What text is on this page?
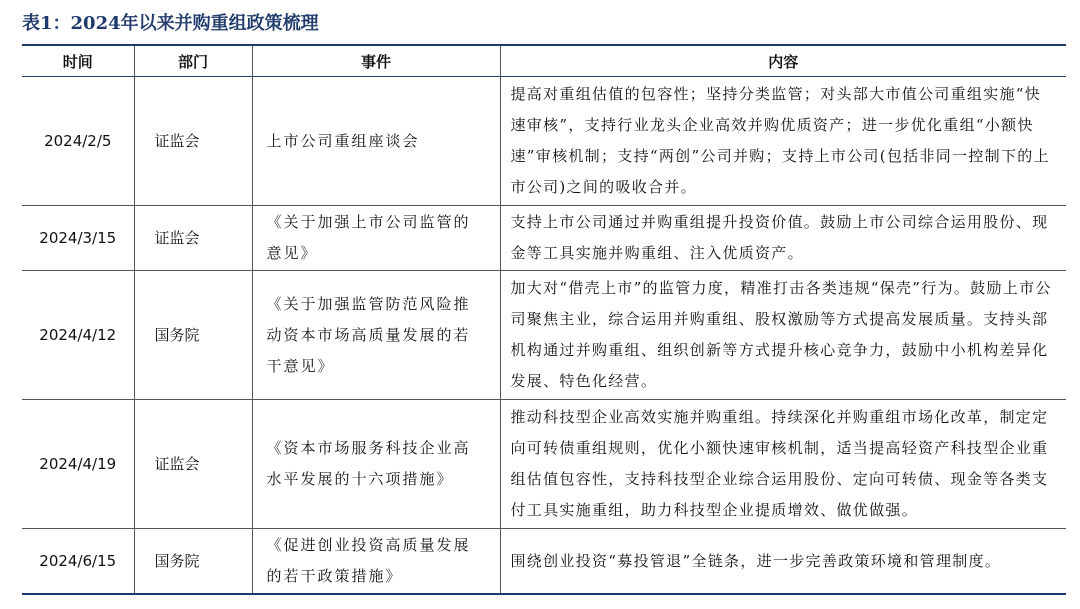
表1：2024年以来并购重组政策梳理
时间	部门	事件	内容
2024/2/5	证监会	上市公司重组座谈会	提高对重组估值的包容性；坚持分类监管；对头部大市值公司重组实施“快速审核”，支持行业龙头企业高效并购优质资产；进一步优化重组“小额快速”审核机制；支持“两创”公司并购；支持上市公司(包括非同一控制下的上市公司)之间的吸收合并。
2024/3/15	证监会	《关于加强上市公司监管的意见》	支持上市公司通过并购重组提升投资价值。鼓励上市公司综合运用股份、现金等工具实施并购重组、注入优质资产。
2024/4/12	国务院	《关于加强监管防范风险推动资本市场高质量发展的若干意见》	加大对“借壳上市”的监管力度，精准打击各类违规“保壳”行为。鼓励上市公司聚焦主业，综合运用并购重组、股权激励等方式提高发展质量。支持头部机构通过并购重组、组织创新等方式提升核心竞争力，鼓励中小机构差异化发展、特色化经营。
2024/4/19	证监会	《资本市场服务科技企业高水平发展的十六项措施》	推动科技型企业高效实施并购重组。持续深化并购重组市场化改革，制定定向可转债重组规则，优化小额快速审核机制，适当提高轻资产科技型企业重组估值包容性，支持科技型企业综合运用股份、定向可转债、现金等各类支付工具实施重组，助力科技型企业提质增效、做优做强。
2024/6/15	国务院	《促进创业投资高质量发展的若干政策措施》	围绕创业投资“募投管退”全链条，进一步完善政策环境和管理制度。
